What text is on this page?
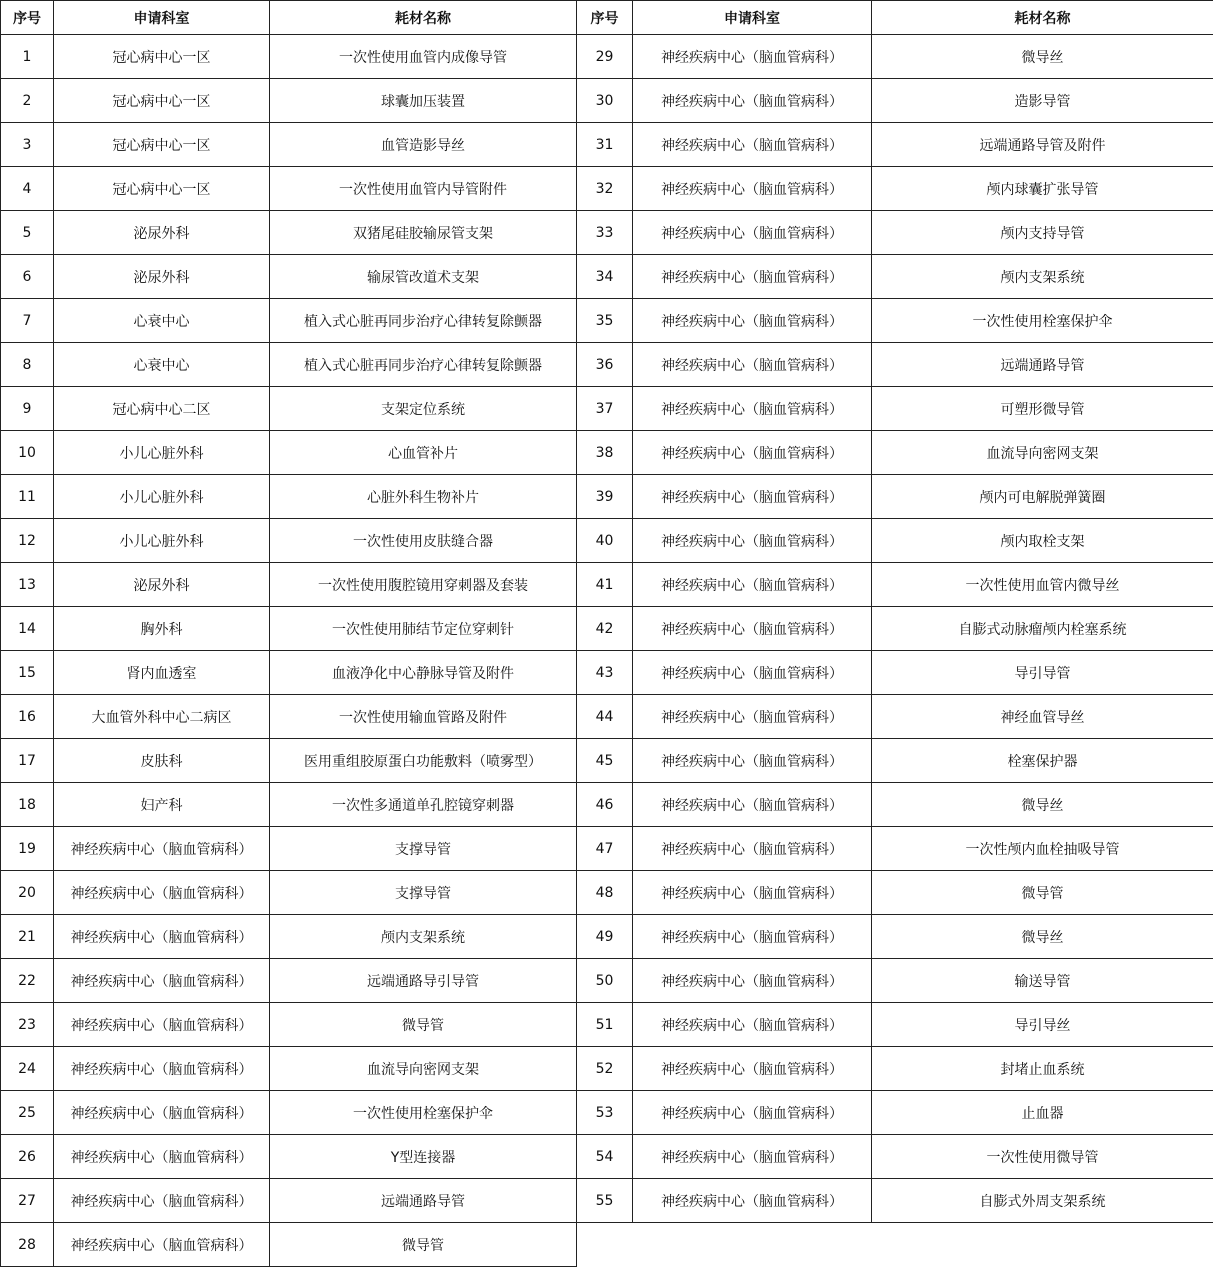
序号	申请科室	耗材名称	序号	申请科室	耗材名称
1	冠心病中心一区	一次性使用血管内成像导管	29	神经疾病中心（脑血管病科）	微导丝
2	冠心病中心一区	球囊加压装置	30	神经疾病中心（脑血管病科）	造影导管
3	冠心病中心一区	血管造影导丝	31	神经疾病中心（脑血管病科）	远端通路导管及附件
4	冠心病中心一区	一次性使用血管内导管附件	32	神经疾病中心（脑血管病科）	颅内球囊扩张导管
5	泌尿外科	双猪尾硅胶输尿管支架	33	神经疾病中心（脑血管病科）	颅内支持导管
6	泌尿外科	输尿管改道术支架	34	神经疾病中心（脑血管病科）	颅内支架系统
7	心衰中心	植入式心脏再同步治疗心律转复除颤器	35	神经疾病中心（脑血管病科）	一次性使用栓塞保护伞
8	心衰中心	植入式心脏再同步治疗心律转复除颤器	36	神经疾病中心（脑血管病科）	远端通路导管
9	冠心病中心二区	支架定位系统	37	神经疾病中心（脑血管病科）	可塑形微导管
10	小儿心脏外科	心血管补片	38	神经疾病中心（脑血管病科）	血流导向密网支架
11	小儿心脏外科	心脏外科生物补片	39	神经疾病中心（脑血管病科）	颅内可电解脱弹簧圈
12	小儿心脏外科	一次性使用皮肤缝合器	40	神经疾病中心（脑血管病科）	颅内取栓支架
13	泌尿外科	一次性使用腹腔镜用穿刺器及套装	41	神经疾病中心（脑血管病科）	一次性使用血管内微导丝
14	胸外科	一次性使用肺结节定位穿刺针	42	神经疾病中心（脑血管病科）	自膨式动脉瘤颅内栓塞系统
15	肾内血透室	血液净化中心静脉导管及附件	43	神经疾病中心（脑血管病科）	导引导管
16	大血管外科中心二病区	一次性使用输血管路及附件	44	神经疾病中心（脑血管病科）	神经血管导丝
17	皮肤科	医用重组胶原蛋白功能敷料（喷雾型）	45	神经疾病中心（脑血管病科）	栓塞保护器
18	妇产科	一次性多通道单孔腔镜穿刺器	46	神经疾病中心（脑血管病科）	微导丝
19	神经疾病中心（脑血管病科）	支撑导管	47	神经疾病中心（脑血管病科）	一次性颅内血栓抽吸导管
20	神经疾病中心（脑血管病科）	支撑导管	48	神经疾病中心（脑血管病科）	微导管
21	神经疾病中心（脑血管病科）	颅内支架系统	49	神经疾病中心（脑血管病科）	微导丝
22	神经疾病中心（脑血管病科）	远端通路导引导管	50	神经疾病中心（脑血管病科）	输送导管
23	神经疾病中心（脑血管病科）	微导管	51	神经疾病中心（脑血管病科）	导引导丝
24	神经疾病中心（脑血管病科）	血流导向密网支架	52	神经疾病中心（脑血管病科）	封堵止血系统
25	神经疾病中心（脑血管病科）	一次性使用栓塞保护伞	53	神经疾病中心（脑血管病科）	止血器
26	神经疾病中心（脑血管病科）	Y型连接器	54	神经疾病中心（脑血管病科）	一次性使用微导管
27	神经疾病中心（脑血管病科）	远端通路导管	55	神经疾病中心（脑血管病科）	自膨式外周支架系统
28	神经疾病中心（脑血管病科）	微导管			
